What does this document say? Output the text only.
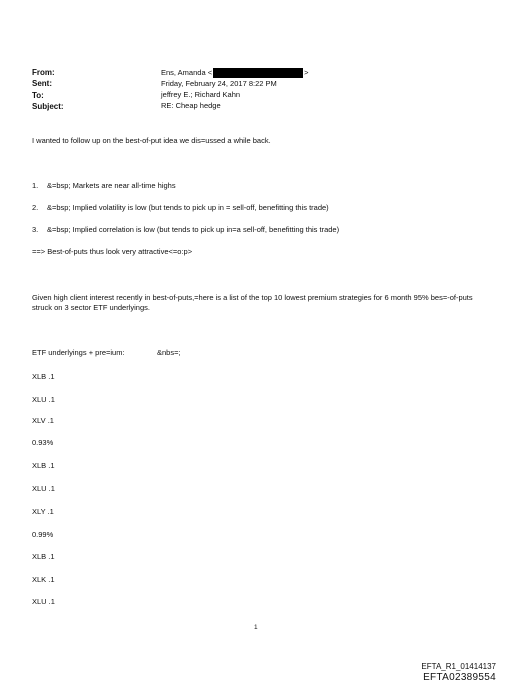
From:
Sent:
To:
Subject:
Ens, Amanda <	>
Friday, February 24, 2017 8:22 PM
jeffrey E.; Richard Kahn
RE: Cheap hedge
I wanted to follow up on the best-of-put idea we dis=ussed a while back.
1. &=bsp; Markets are near all-time highs
2. &=bsp; Implied volatility is low (but tends to pick up in = sell-off, benefitting this trade)
3. &=bsp; Implied correlation is low (but tends to pick up in=a sell-off, benefitting this trade)
==> Best-of-puts thus look very attractive<=o:p>
Given high client interest recently in best-of-puts,=here is a list of the top 10 lowest premium strategies for 6 month 95% bes=-of-puts struck on 3 sector ETF underlyings.
ETF underlyings + pre=ium:	&nbs=;
XLB .1
XLU .1
XLV .1
0.93%
XLB .1
XLU .1
XLY .1
0.99%
XLB .1
XLK .1
XLU .1
1
EFTA_R1_01414137
EFTA02389554
